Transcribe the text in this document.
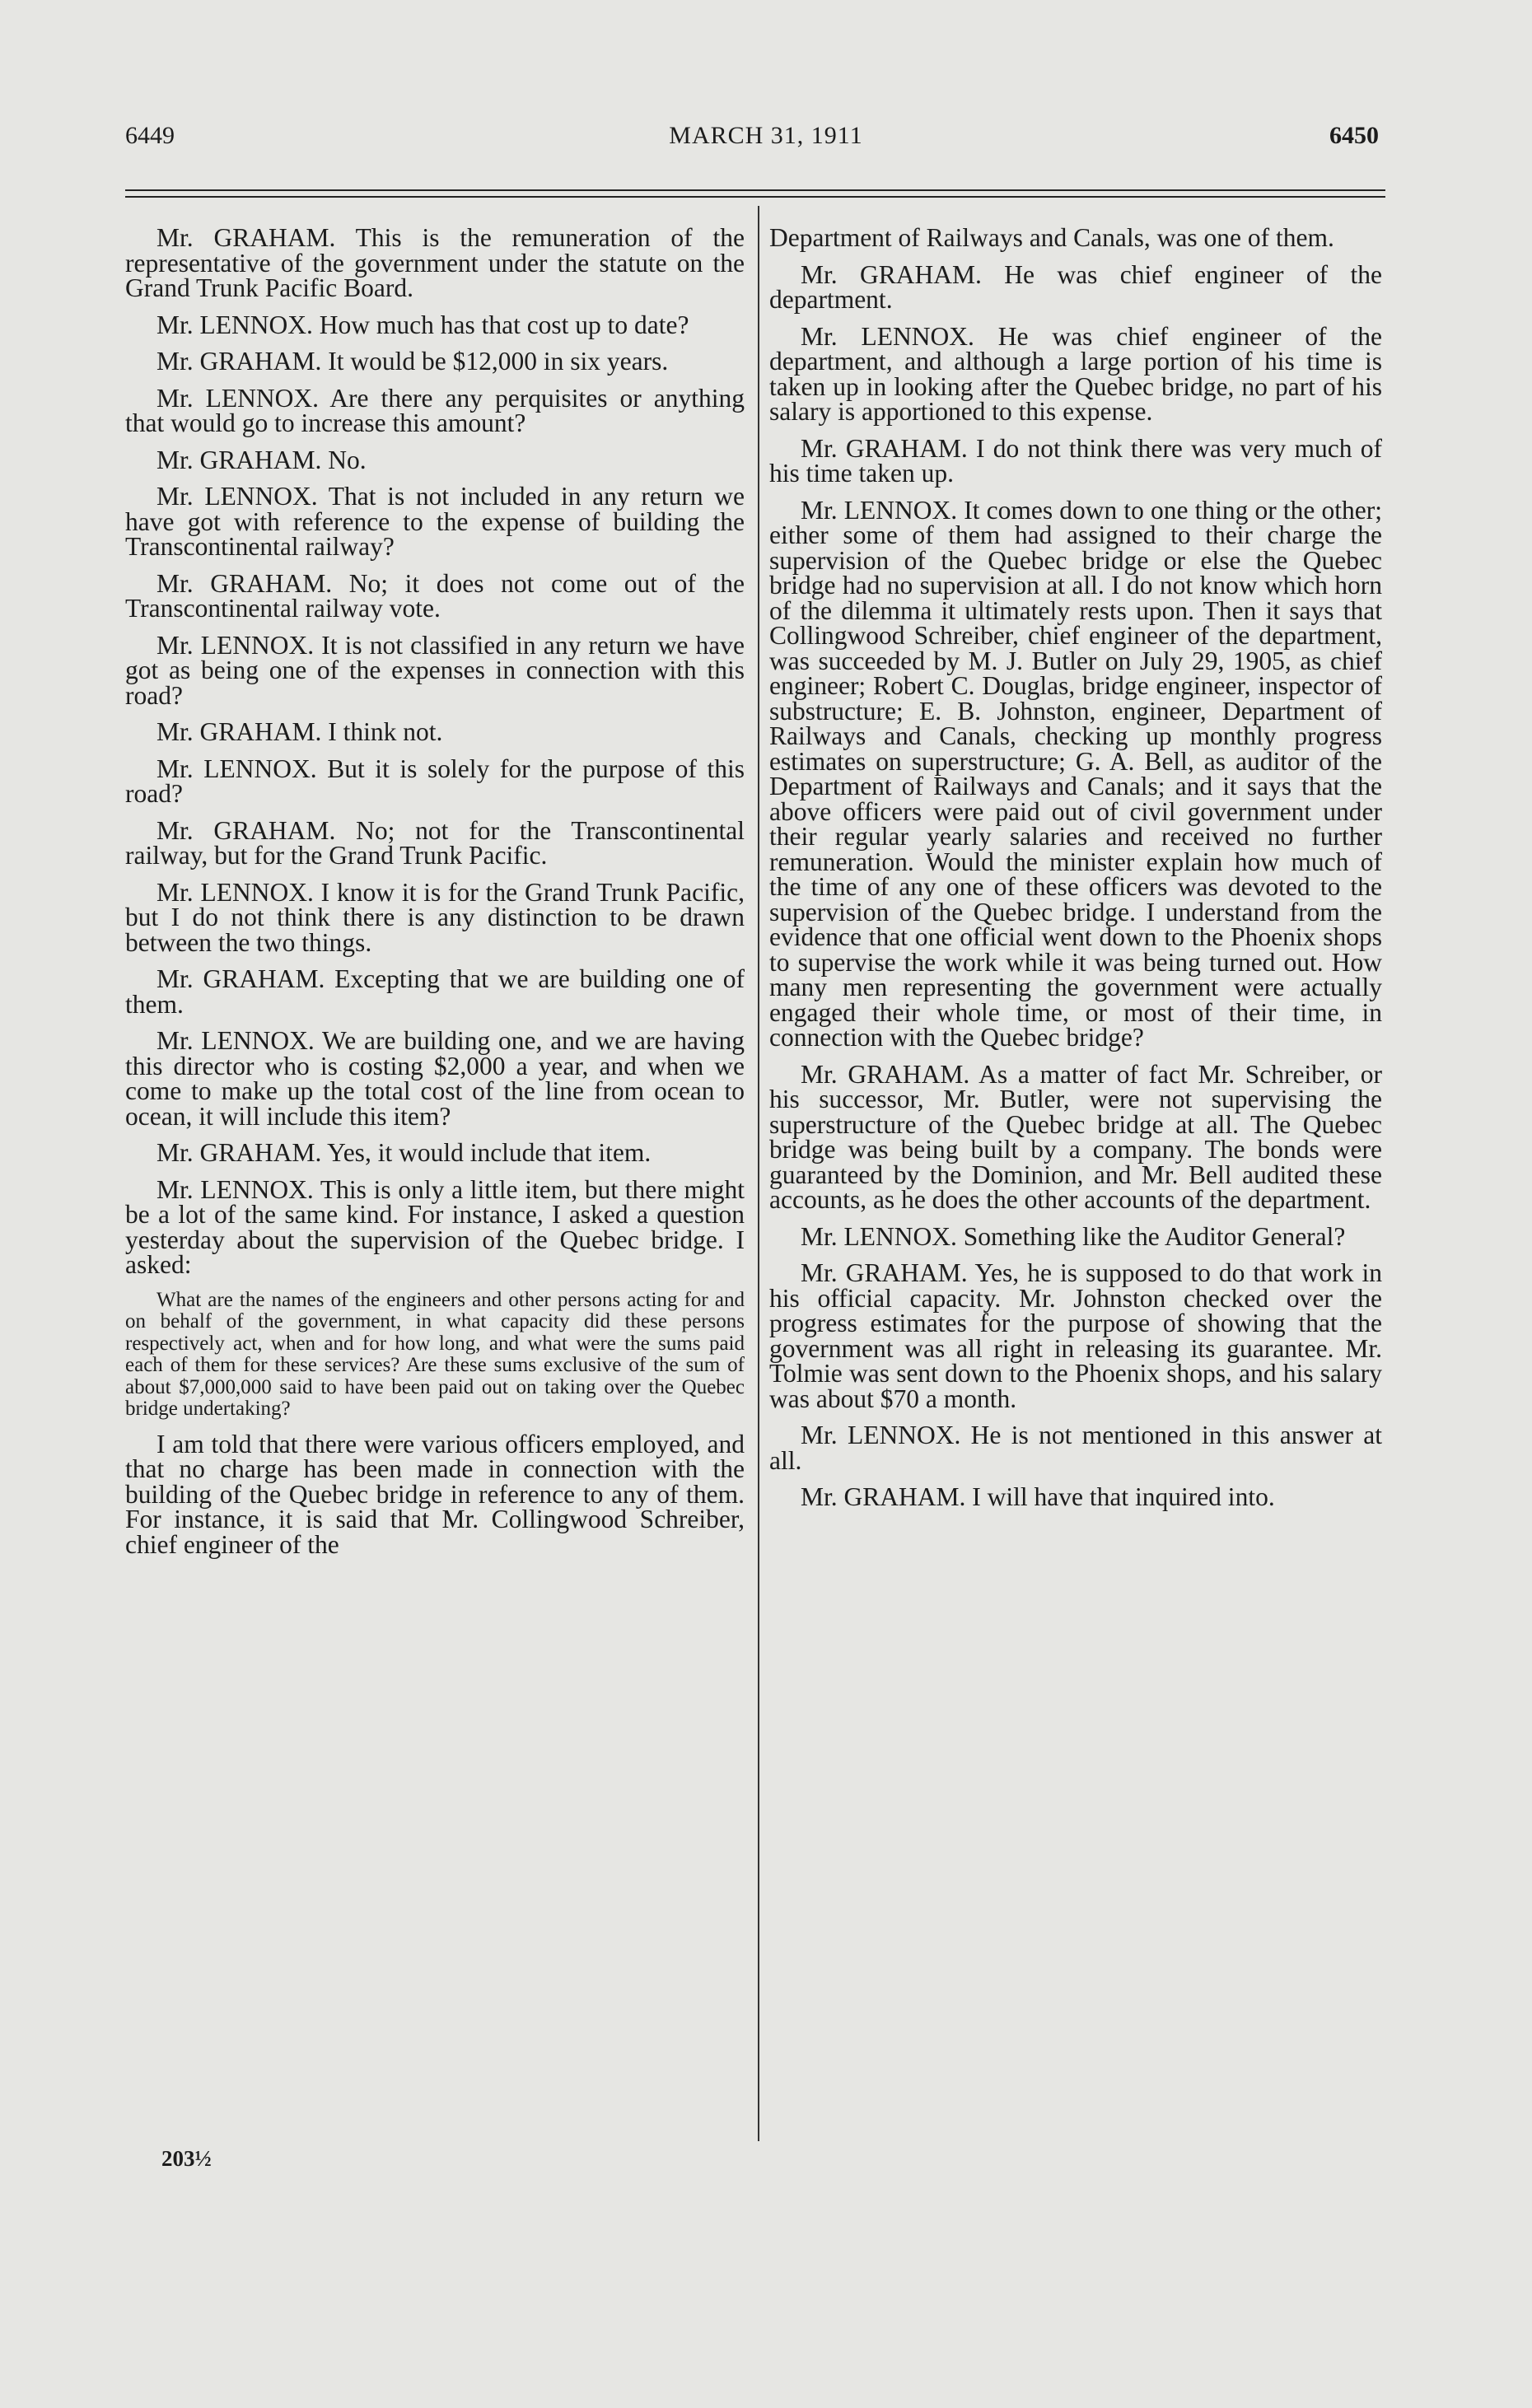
6449	MARCH 31, 1911	6450

Mr. GRAHAM. This is the remuneration of the representative of the government under the statute on the Grand Trunk Pacific Board.

Mr. LENNOX. How much has that cost up to date?

Mr. GRAHAM. It would be $12,000 in six years.

Mr. LENNOX. Are there any perquisites or anything that would go to increase this amount?

Mr. GRAHAM. No.

Mr. LENNOX. That is not included in any return we have got with reference to the expense of building the Transcontinental railway?

Mr. GRAHAM. No; it does not come out of the Transcontinental railway vote.

Mr. LENNOX. It is not classified in any return we have got as being one of the expenses in connection with this road?

Mr. GRAHAM. I think not.

Mr. LENNOX. But it is solely for the purpose of this road?

Mr. GRAHAM. No; not for the Transcontinental railway, but for the Grand Trunk Pacific.

Mr. LENNOX. I know it is for the Grand Trunk Pacific, but I do not think there is any distinction to be drawn between the two things.

Mr. GRAHAM. Excepting that we are building one of them.

Mr. LENNOX. We are building one, and we are having this director who is costing $2,000 a year, and when we come to make up the total cost of the line from ocean to ocean, it will include this item?

Mr. GRAHAM. Yes, it would include that item.

Mr. LENNOX. This is only a little item, but there might be a lot of the same kind. For instance, I asked a question yesterday about the supervision of the Quebec bridge. I asked:

What are the names of the engineers and other persons acting for and on behalf of the government, in what capacity did these persons respectively act, when and for how long, and what were the sums paid each of them for these services? Are these sums exclusive of the sum of about $7,000,000 said to have been paid out on taking over the Quebec bridge undertaking?

I am told that there were various officers employed, and that no charge has been made in connection with the building of the Quebec bridge in reference to any of them. For instance, it is said that Mr. Collingwood Schreiber, chief engineer of the

Department of Railways and Canals, was one of them.

Mr. GRAHAM. He was chief engineer of the department.

Mr. LENNOX. He was chief engineer of the department, and although a large portion of his time is taken up in looking after the Quebec bridge, no part of his salary is apportioned to this expense.

Mr. GRAHAM. I do not think there was very much of his time taken up.

Mr. LENNOX. It comes down to one thing or the other; either some of them had assigned to their charge the supervision of the Quebec bridge or else the Quebec bridge had no supervision at all. I do not know which horn of the dilemma it ultimately rests upon. Then it says that Collingwood Schreiber, chief engineer of the department, was succeeded by M. J. Butler on July 29, 1905, as chief engineer; Robert C. Douglas, bridge engineer, inspector of substructure; E. B. Johnston, engineer, Department of Railways and Canals, checking up monthly progress estimates on superstructure; G. A. Bell, as auditor of the Department of Railways and Canals; and it says that the above officers were paid out of civil government under their regular yearly salaries and received no further remuneration. Would the minister explain how much of the time of any one of these officers was devoted to the supervision of the Quebec bridge. I understand from the evidence that one official went down to the Phoenix shops to supervise the work while it was being turned out. How many men representing the government were actually engaged their whole time, or most of their time, in connection with the Quebec bridge?

Mr. GRAHAM. As a matter of fact Mr. Schreiber, or his successor, Mr. Butler, were not supervising the superstructure of the Quebec bridge at all. The Quebec bridge was being built by a company. The bonds were guaranteed by the Dominion, and Mr. Bell audited these accounts, as he does the other accounts of the department.

Mr. LENNOX. Something like the Auditor General?

Mr. GRAHAM. Yes, he is supposed to do that work in his official capacity. Mr. Johnston checked over the progress estimates for the purpose of showing that the government was all right in releasing its guarantee. Mr. Tolmie was sent down to the Phoenix shops, and his salary was about $70 a month.

Mr. LENNOX. He is not mentioned in this answer at all.

Mr. GRAHAM. I will have that inquired into.

203½
